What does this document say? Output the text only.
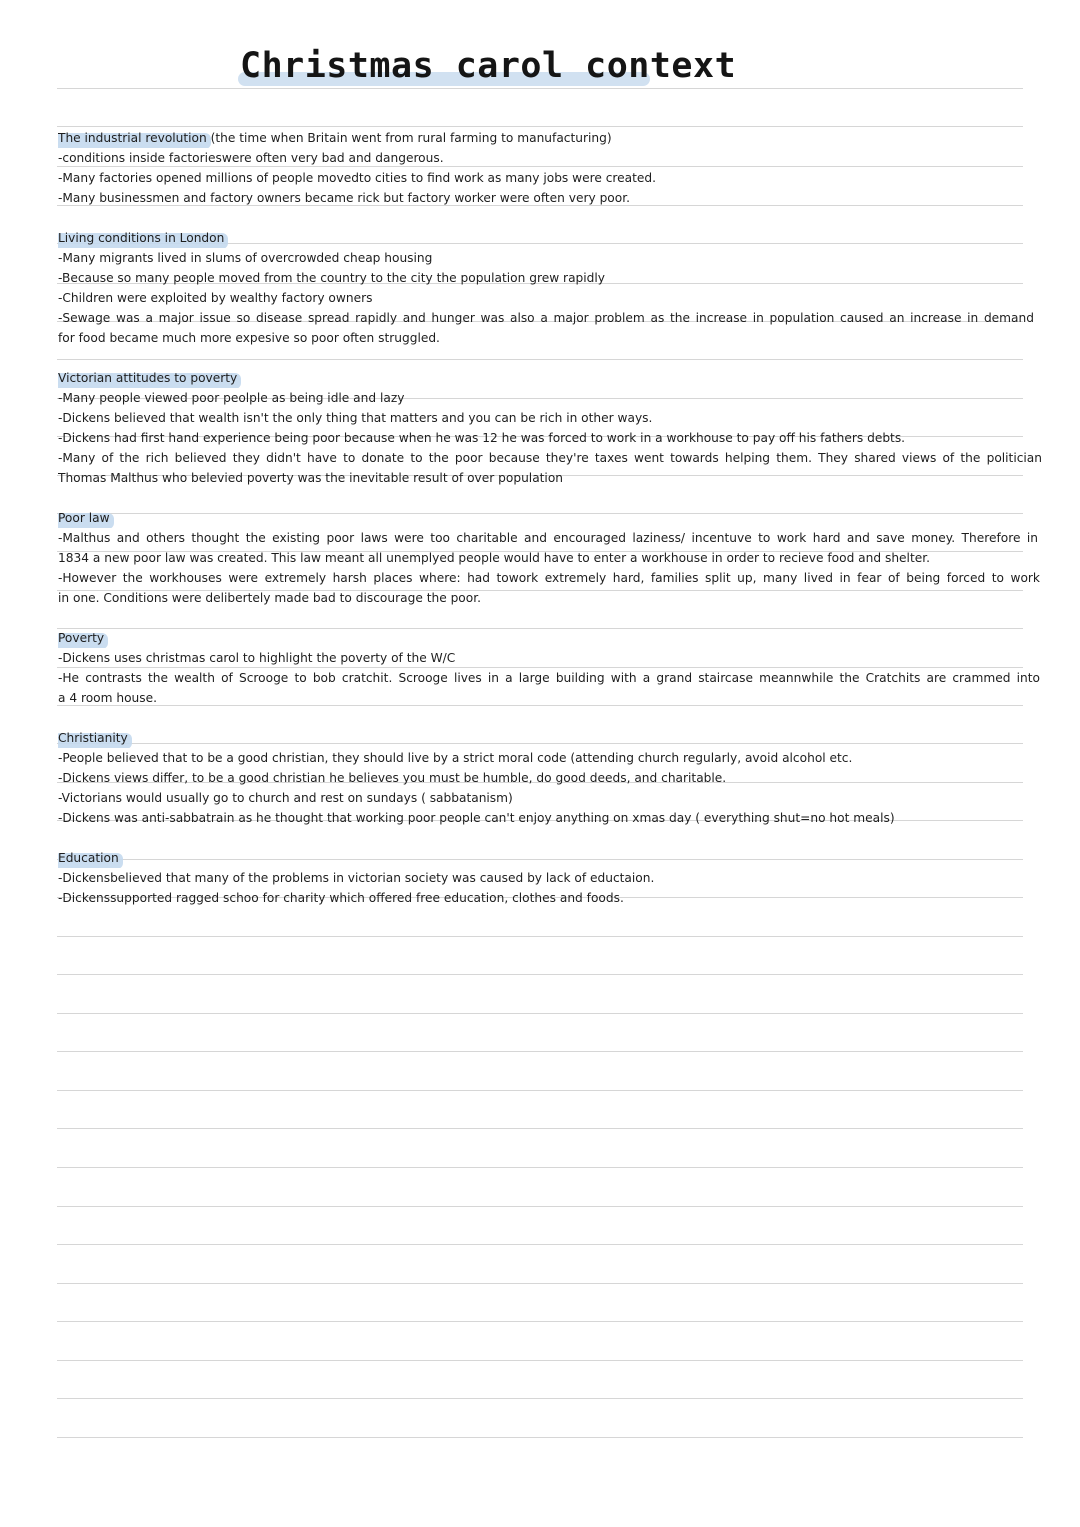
Christmas carol context
The industrial revolution (the time when Britain went from rural farming to manufacturing)
-conditions inside factorieswere often very bad and dangerous.
-Many factories opened millions of people movedto cities to find work as many jobs were created.
-Many businessmen and factory owners became rick but factory worker were often very poor.
Living conditions in London
-Many migrants lived in slums of overcrowded cheap housing
-Because so many people moved from the country to the city the population grew rapidly
-Children were exploited by wealthy factory owners
-Sewage was a major issue so disease spread rapidly and hunger was also a major problem as the increase in population caused an increase in demand
for food became much more expesive so poor often struggled.
Victorian attitudes to poverty
-Many people viewed poor peolple as being idle and lazy
-Dickens believed that wealth isn't the only thing that matters and you can be rich in other ways.
-Dickens had first hand experience being poor because when he was 12 he was forced to work in a workhouse to pay off his fathers debts.
-Many of the rich believed they didn't have to donate to the poor because they're taxes went towards helping them. They shared views of the politician
Thomas Malthus who belevied poverty was the inevitable result of over population
Poor law
-Malthus and others thought the existing poor laws were too charitable and encouraged laziness/ incentuve to work hard and save money. Therefore in
1834 a new poor law was created. This law meant all unemplyed people would have to enter a workhouse in order to recieve food and shelter.
-However the workhouses were extremely harsh places where: had towork extremely hard, families split up, many lived in fear of being forced to work
in one. Conditions were delibertely made bad to discourage the poor.
Poverty
-Dickens uses christmas carol to highlight the poverty of the W/C
-He contrasts the wealth of Scrooge to bob cratchit. Scrooge lives in a large building with a grand staircase meannwhile the Cratchits are crammed into
a 4 room house.
Christianity
-People believed that to be a good christian, they should live by a strict moral code (attending church regularly, avoid alcohol etc.
-Dickens views differ, to be a good christian he believes you must be humble, do good deeds, and charitable.
-Victorians would usually go to church and rest on sundays ( sabbatanism)
-Dickens was anti-sabbatrain as he thought that working poor people can't enjoy anything on xmas day ( everything shut=no hot meals)
Education
-Dickensbelieved that many of the problems in victorian society was caused by lack of eductaion.
-Dickenssupported ragged schoo for charity which offered free education, clothes and foods.
